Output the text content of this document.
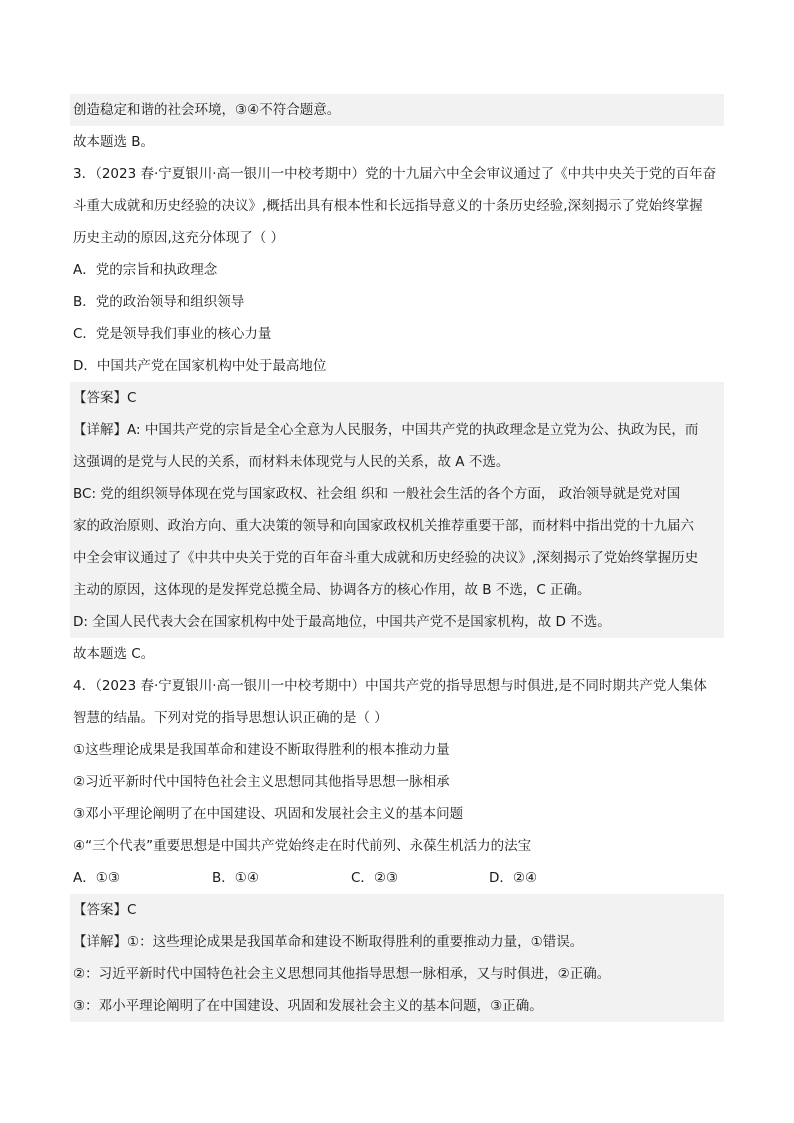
创造稳定和谐的社会环境，③④不符合题意。
故本题选 B。
3．（2023 春·宁夏银川·高一银川一中校考期中）党的十九届六中全会审议通过了《中共中央关于党的百年奋
斗重大成就和历史经验的决议》,概括出具有根本性和长远指导意义的十条历史经验,深刻揭示了党始终掌握
历史主动的原因,这充分体现了（ ）
A．党的宗旨和执政理念
B．党的政治领导和组织领导
C．党是领导我们事业的核心力量
D．中国共产党在国家机构中处于最高地位
【答案】C
【详解】A: 中国共产党的宗旨是全心全意为人民服务，中国共产党的执政理念是立党为公、执政为民，而
这强调的是党与人民的关系，而材料未体现党与人民的关系，故 A 不选。
BC: 党的组织领导体现在党与国家政权、社会组 织和 一般社会生活的各个方面， 政治领导就是党对国
家的政治原则、政治方向、重大决策的领导和向国家政权机关推荐重要干部，而材料中指出党的十九届六
中全会审议通过了《中共中央关于党的百年奋斗重大成就和历史经验的决议》,深刻揭示了党始终掌握历史
主动的原因，这体现的是发挥党总揽全局、协调各方的核心作用，故 B 不选，C 正确。
D: 全国人民代表大会在国家机构中处于最高地位，中国共产党不是国家机构，故 D 不选。
故本题选 C。
4．（2023 春·宁夏银川·高一银川一中校考期中）中国共产党的指导思想与时俱进,是不同时期共产党人集体
智慧的结晶。下列对党的指导思想认识正确的是（ ）
①这些理论成果是我国革命和建设不断取得胜利的根本推动力量
②习近平新时代中国特色社会主义思想同其他指导思想一脉相承
③邓小平理论阐明了在中国建设、巩固和发展社会主义的基本问题
④“三个代表”重要思想是中国共产党始终走在时代前列、永葆生机活力的法宝
A．①③	B．①④	C．②③	D．②④
【答案】C
【详解】①：这些理论成果是我国革命和建设不断取得胜利的重要推动力量，①错误。
②：习近平新时代中国特色社会主义思想同其他指导思想一脉相承，又与时俱进，②正确。
③：邓小平理论阐明了在中国建设、巩固和发展社会主义的基本问题，③正确。
